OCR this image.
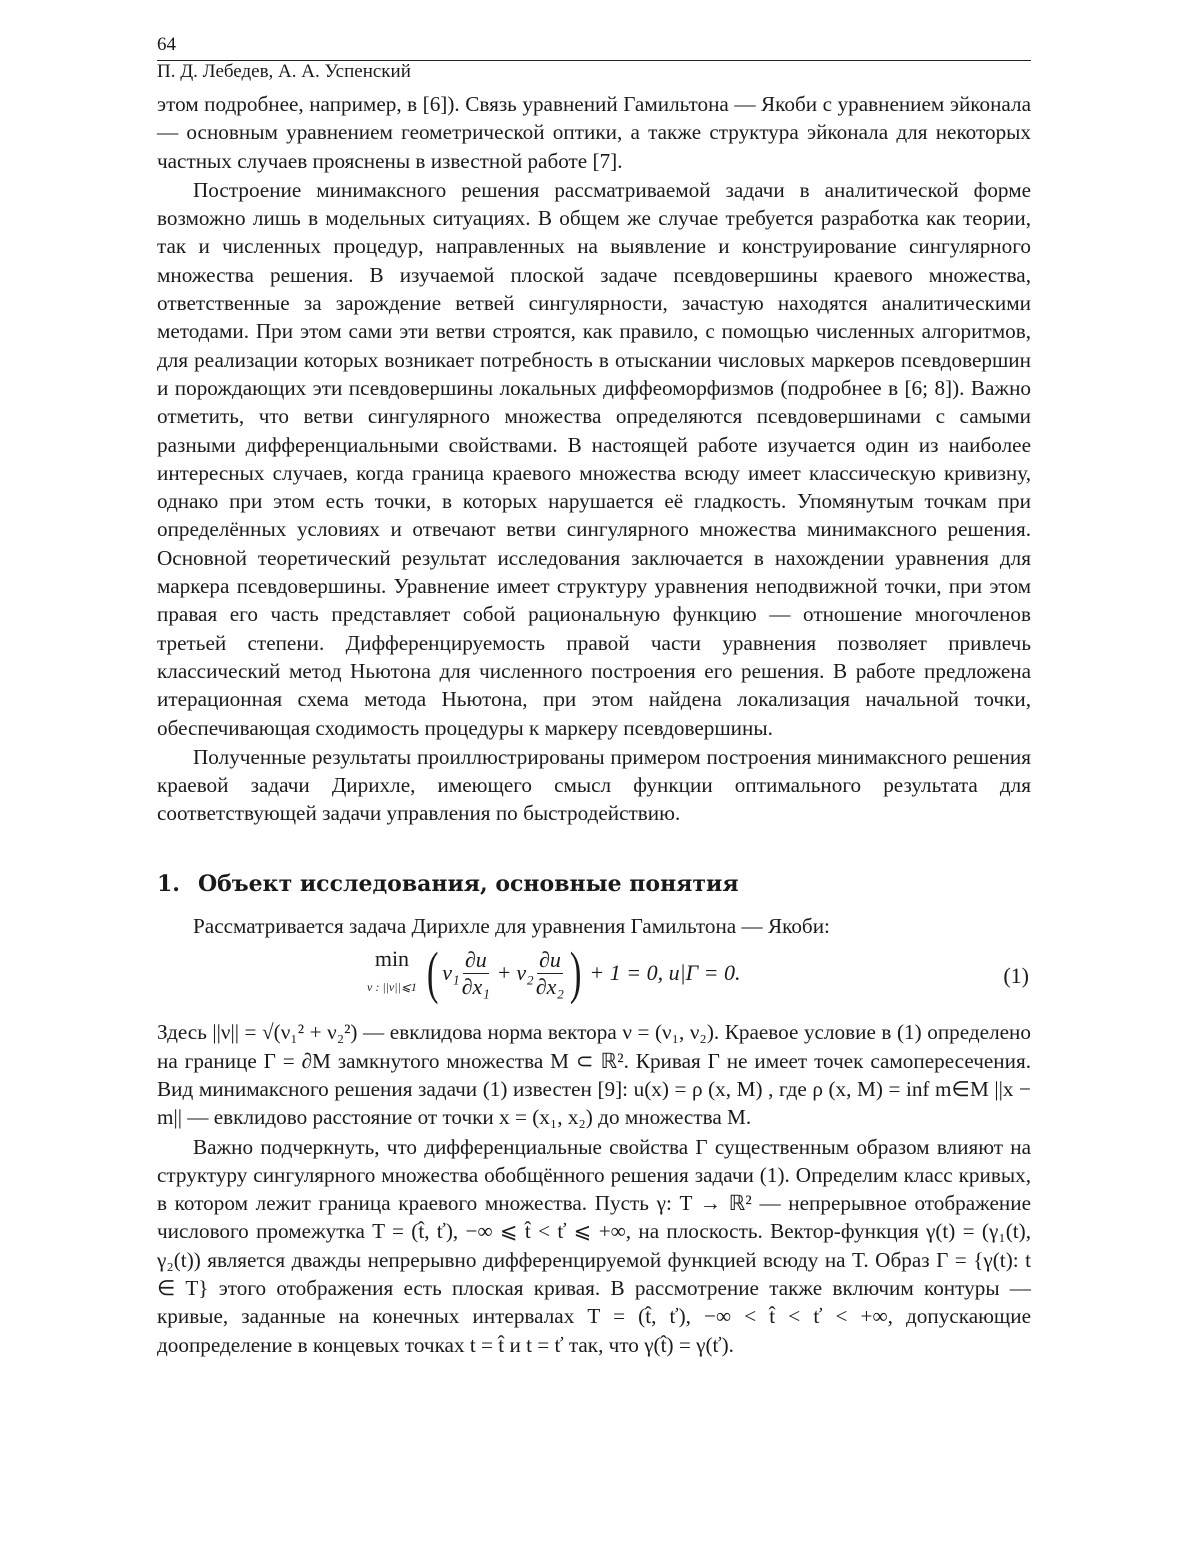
64
П. Д. Лебедев, А. А. Успенский

этом подробнее, например, в [6]). Связь уравнений Гамильтона — Якоби с уравнением эйконала — основным уравнением геометрической оптики, а также структура эйконала для некоторых частных случаев прояснены в известной работе [7].

Построение минимаксного решения рассматриваемой задачи в аналитической форме возможно лишь в модельных ситуациях. В общем же случае требуется разработка как теории, так и численных процедур, направленных на выявление и конструирование сингулярного множества решения. В изучаемой плоской задаче псевдовершины краевого множества, ответственные за зарождение ветвей сингулярности, зачастую находятся аналитическими методами. При этом сами эти ветви строятся, как правило, с помощью численных алгоритмов, для реализации которых возникает потребность в отыскании числовых маркеров псевдовершин и порождающих эти псевдовершины локальных диффеоморфизмов (подробнее в [6; 8]). Важно отметить, что ветви сингулярного множества определяются псевдовершинами с самыми разными дифференциальными свойствами. В настоящей работе изучается один из наиболее интересных случаев, когда граница краевого множества всюду имеет классическую кривизну, однако при этом есть точки, в которых нарушается её гладкость. Упомянутым точкам при определённых условиях и отвечают ветви сингулярного множества минимаксного решения. Основной теоретический результат исследования заключается в нахождении уравнения для маркера псевдовершины. Уравнение имеет структуру уравнения неподвижной точки, при этом правая его часть представляет собой рациональную функцию — отношение многочленов третьей степени. Дифференцируемость правой части уравнения позволяет привлечь классический метод Ньютона для численного построения его решения. В работе предложена итерационная схема метода Ньютона, при этом найдена локализация начальной точки, обеспечивающая сходимость процедуры к маркеру псевдовершины.

Полученные результаты проиллюстрированы примером построения минимаксного решения краевой задачи Дирихле, имеющего смысл функции оптимального результата для соответствующей задачи управления по быстродействию.

1. Объект исследования, основные понятия

Рассматривается задача Дирихле для уравнения Гамильтона — Якоби:

min
ν : ||ν||⩽1 ( $\nu_1 \frac{\partial u}{\text{∂x₁}} + \nu_2 \frac{\partial u}{\text{∂x₂}}$ ) + 1 = 0, u|Γ = 0.	(1)

Здесь ||ν|| = √(ν₁² + ν₂²) — евклидова норма вектора ν = (ν₁, ν₂). Краевое условие в (1) определено на границе Γ = ∂M замкнутого множества M ⊂ ℝ². Кривая Γ не имеет точек самопересечения. Вид минимаксного решения задачи (1) известен [9]: u(x) = ρ (x, M) , где ρ (x, M) = inf m∈M ||x − m|| — евклидово расстояние от точки x = (x₁, x₂) до множества M.

Важно подчеркнуть, что дифференциальные свойства Γ существенным образом влияют на структуру сингулярного множества обобщённого решения задачи (1). Определим класс кривых, в котором лежит граница краевого множества. Пусть γ: T → ℝ² — непрерывное отображение числового промежутка T = (t̂, ť), −∞ ⩽ t̂ < ť ⩽ +∞, на плоскость. Вектор-функция γ(t) = (γ₁(t), γ₂(t)) является дважды непрерывно дифференцируемой функцией всюду на T. Образ Γ = {γ(t): t ∈ T} этого отображения есть плоская кривая. В рассмотрение также включим контуры — кривые, заданные на конечных интервалах T = (t̂, ť), −∞ < t̂ < ť < +∞, допускающие доопределение в концевых точках t = t̂ и t = ť так, что γ(t̂) = γ(ť).
